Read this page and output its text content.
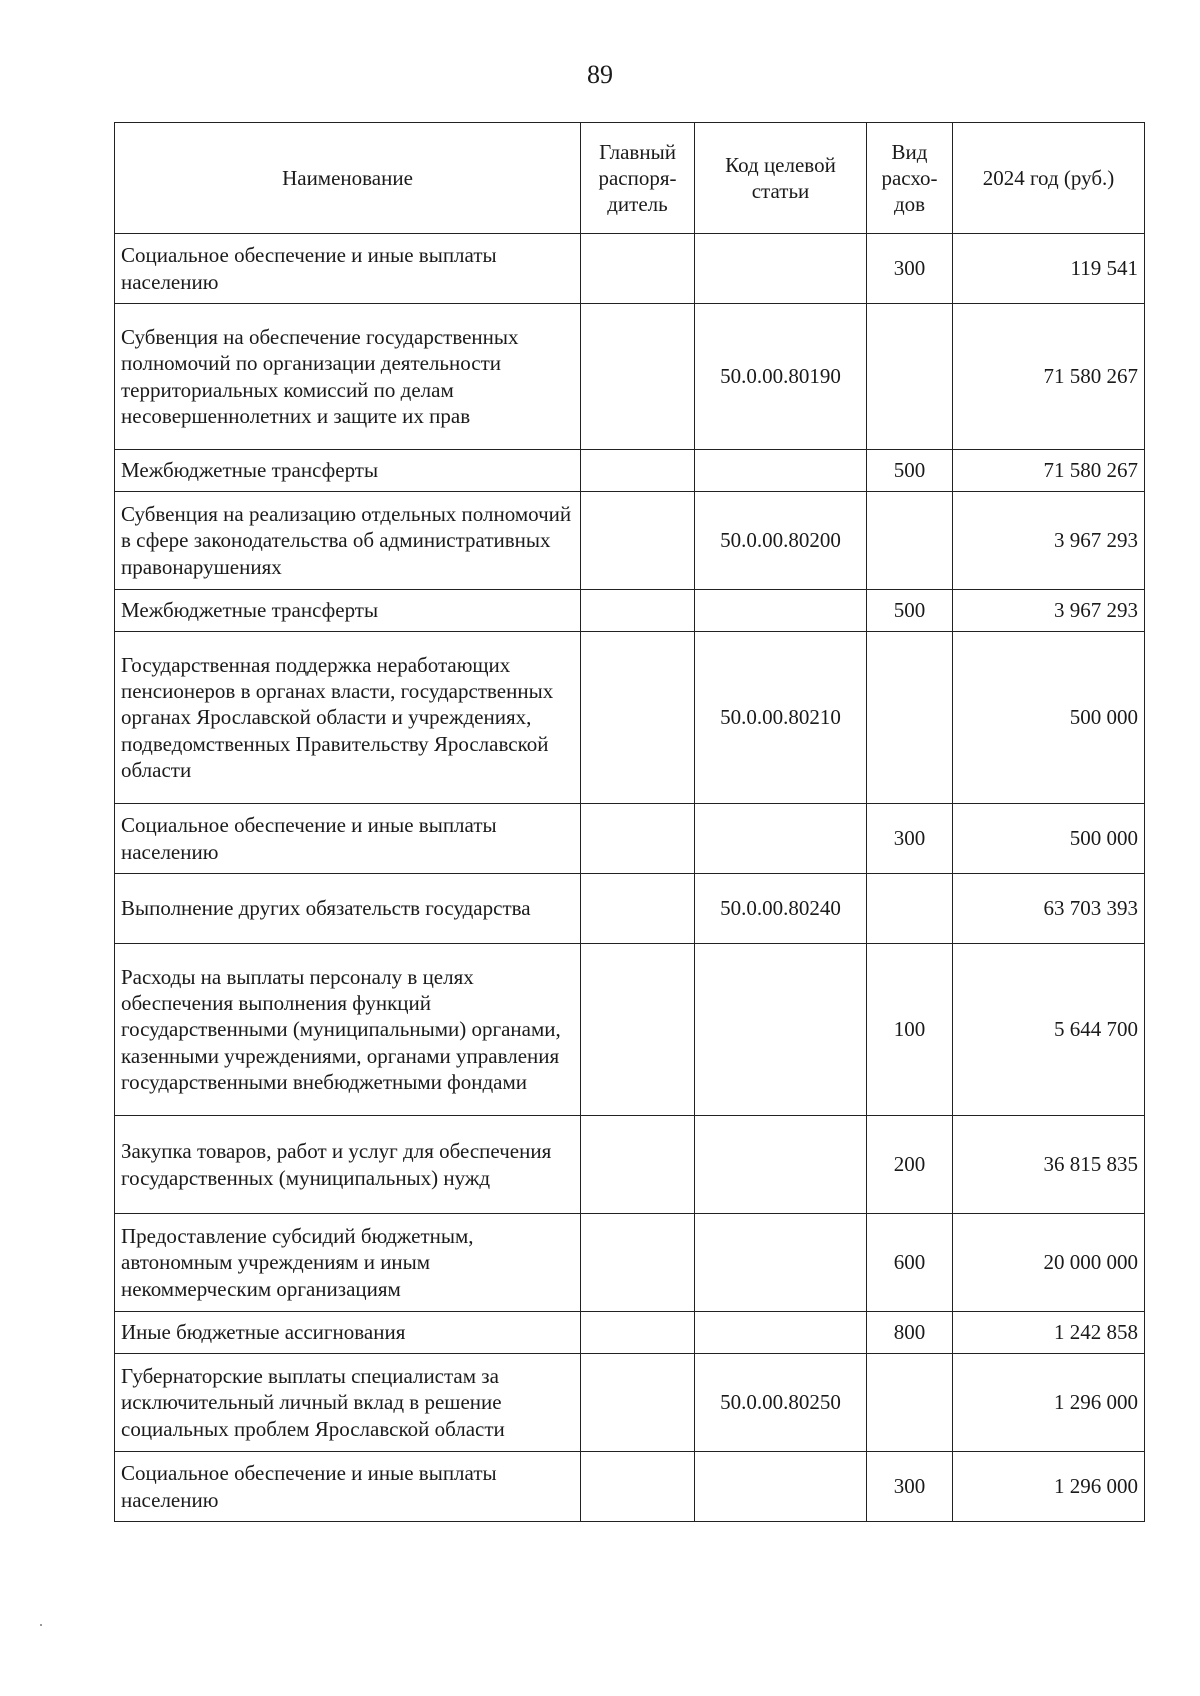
89
Наименование	Главный распоря-дитель	Код целевой статьи	Вид расхо-дов	2024 год (руб.)
Социальное обеспечение и иные выплаты населению			300	119 541
Субвенция на обеспечение государственных полномочий по организации деятельности территориальных комиссий по делам несовершеннолетних и защите их прав		50.0.00.80190		71 580 267
Межбюджетные трансферты			500	71 580 267
Субвенция на реализацию отдельных полномочий в сфере законодательства об административных правонарушениях		50.0.00.80200		3 967 293
Межбюджетные трансферты			500	3 967 293
Государственная поддержка неработающих пенсионеров в органах власти, государственных органах Ярославской области и учреждениях, подведомственных Правительству Ярославской области		50.0.00.80210		500 000
Социальное обеспечение и иные выплаты населению			300	500 000
Выполнение других обязательств государства		50.0.00.80240		63 703 393
Расходы на выплаты персоналу в целях обеспечения выполнения функций государственными (муниципальными) органами, казенными учреждениями, органами управления государственными внебюджетными фондами			100	5 644 700
Закупка товаров, работ и услуг для обеспечения государственных (муниципальных) нужд			200	36 815 835
Предоставление субсидий бюджетным, автономным учреждениям и иным некоммерческим организациям			600	20 000 000
Иные бюджетные ассигнования			800	1 242 858
Губернаторские выплаты специалистам за исключительный личный вклад в решение социальных проблем Ярославской области		50.0.00.80250		1 296 000
Социальное обеспечение и иные выплаты населению			300	1 296 000
